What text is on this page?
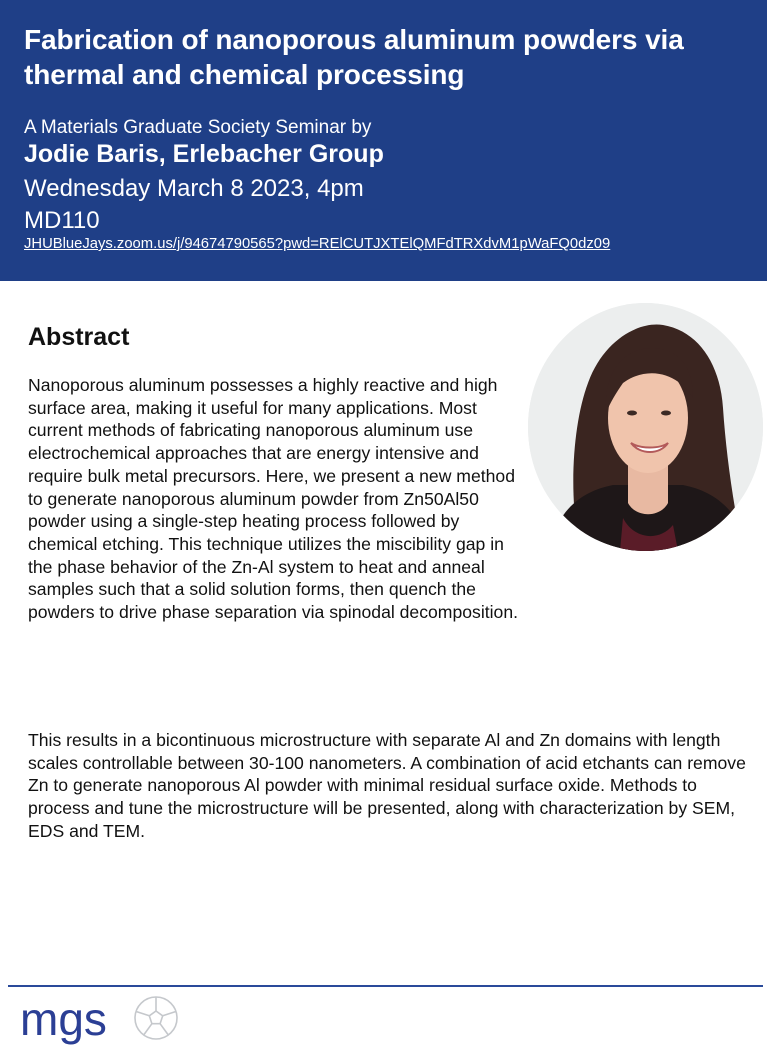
Fabrication of nanoporous aluminum powders via thermal and chemical processing
A Materials Graduate Society Seminar by
Jodie Baris, Erlebacher Group
Wednesday March 8 2023, 4pm
MD110
JHUBlueJays.zoom.us/j/94674790565?pwd=RElCUTJXTElQMFdTRXdvM1pWaFQ0dz09
Abstract

Nanoporous aluminum possesses a highly reactive and high surface area, making it useful for many applications. Most current methods of fabricating nanoporous aluminum use electrochemical approaches that are energy intensive and require bulk metal precursors. Here, we present a new method to generate nanoporous aluminum powder from Zn50Al50 powder using a single-step heating process followed by chemical etching. This technique utilizes the miscibility gap in the phase behavior of the Zn-Al system to heat and anneal samples such that a solid solution forms, then quench the powders to drive phase separation via spinodal decomposition.

This results in a bicontinuous microstructure with separate Al and Zn domains with length scales controllable between 30-100 nanometers. A combination of acid etchants can remove Zn to generate nanoporous Al powder with minimal residual surface oxide. Methods to process and tune the microstructure will be presented, along with characterization by SEM, EDS and TEM.

mgs
